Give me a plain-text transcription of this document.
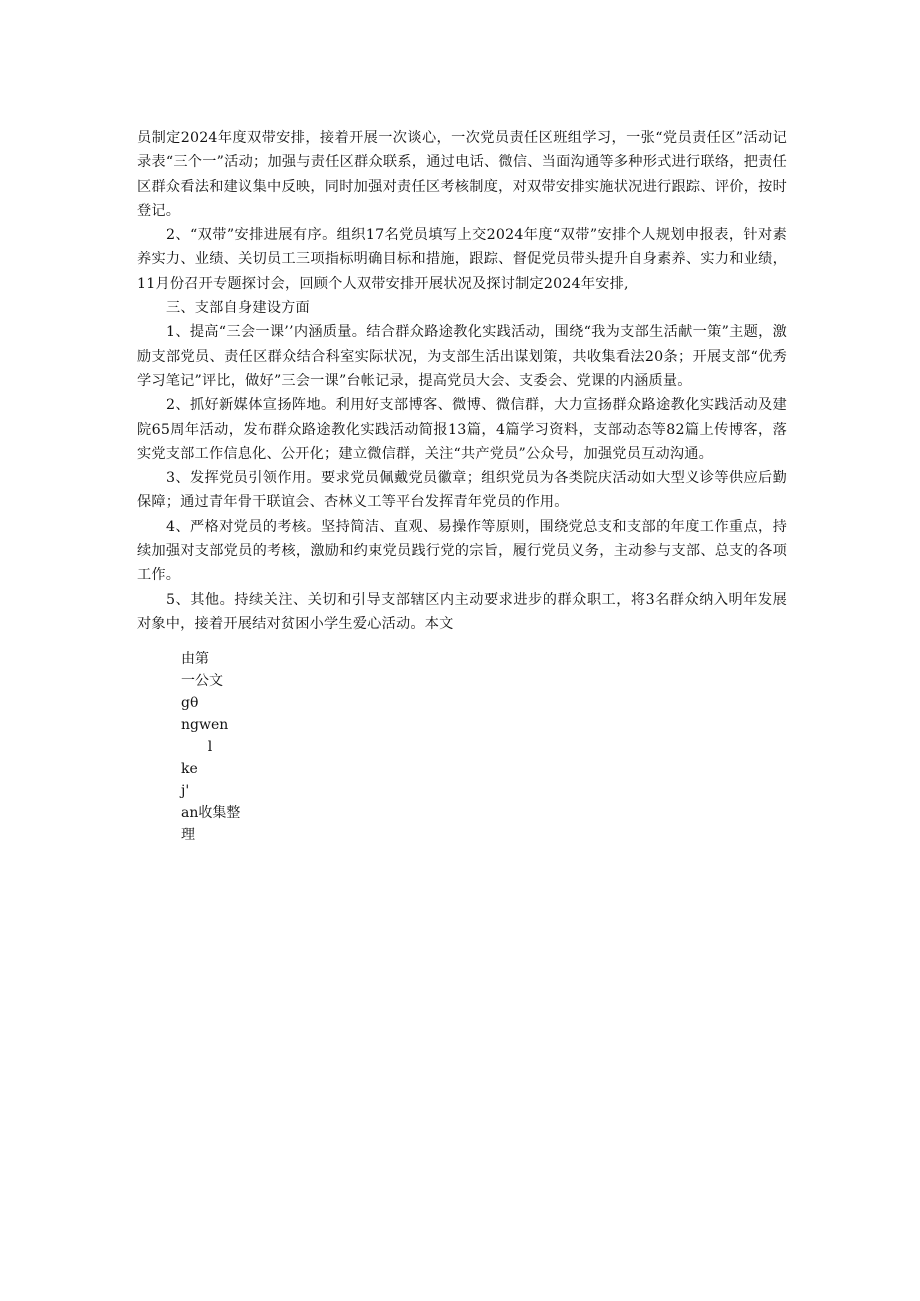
员制定2024年度双带安排，接着开展一次谈心，一次党员责任区班组学习，一张“党员责任区”活动记录表“三个一”活动；加强与责任区群众联系，通过电话、微信、当面沟通等多种形式进行联络，把责任区群众看法和建议集中反映，同时加强对责任区考核制度，对双带安排实施状况进行跟踪、评价，按时登记。

2、“双带”安排进展有序。组织17名党员填写上交2024年度“双带”安排个人规划申报表，针对素养实力、业绩、关切员工三项指标明确目标和措施，跟踪、督促党员带头提升自身素养、实力和业绩，11月份召开专题探讨会，回顾个人双带安排开展状况及探讨制定2024年安排,

三、支部自身建设方面

1、提高“三会一课’’内涵质量。结合群众路途教化实践活动，围绕“我为支部生活献一策”主题，激励支部党员、责任区群众结合科室实际状况，为支部生活出谋划策，共收集看法20条；开展支部“优秀学习笔记”评比，做好”三会一课”台帐记录，提高党员大会、支委会、党课的内涵质量。

2、抓好新媒体宣扬阵地。利用好支部博客、微博、微信群，大力宣扬群众路途教化实践活动及建院65周年活动，发布群众路途教化实践活动简报13篇，4篇学习资料，支部动态等82篇上传博客，落实党支部工作信息化、公开化；建立微信群，关注“共产党员”公众号，加强党员互动沟通。

3、发挥党员引领作用。要求党员佩戴党员徽章；组织党员为各类院庆活动如大型义诊等供应后勤保障；通过青年骨干联谊会、杏林义工等平台发挥青年党员的作用。

4、严格对党员的考核。坚持简洁、直观、易操作等原则，围绕党总支和支部的年度工作重点，持续加强对支部党员的考核，激励和约束党员践行党的宗旨，履行党员义务，主动参与支部、总支的各项工作。

5、其他。持续关注、关切和引导支部辖区内主动要求进步的群众职工，将3名群众纳入明年发展对象中，接着开展结对贫困小学生爱心活动。本文

由第
一公文
gθ
ngwen
l
ke
j'
an收集整
理
